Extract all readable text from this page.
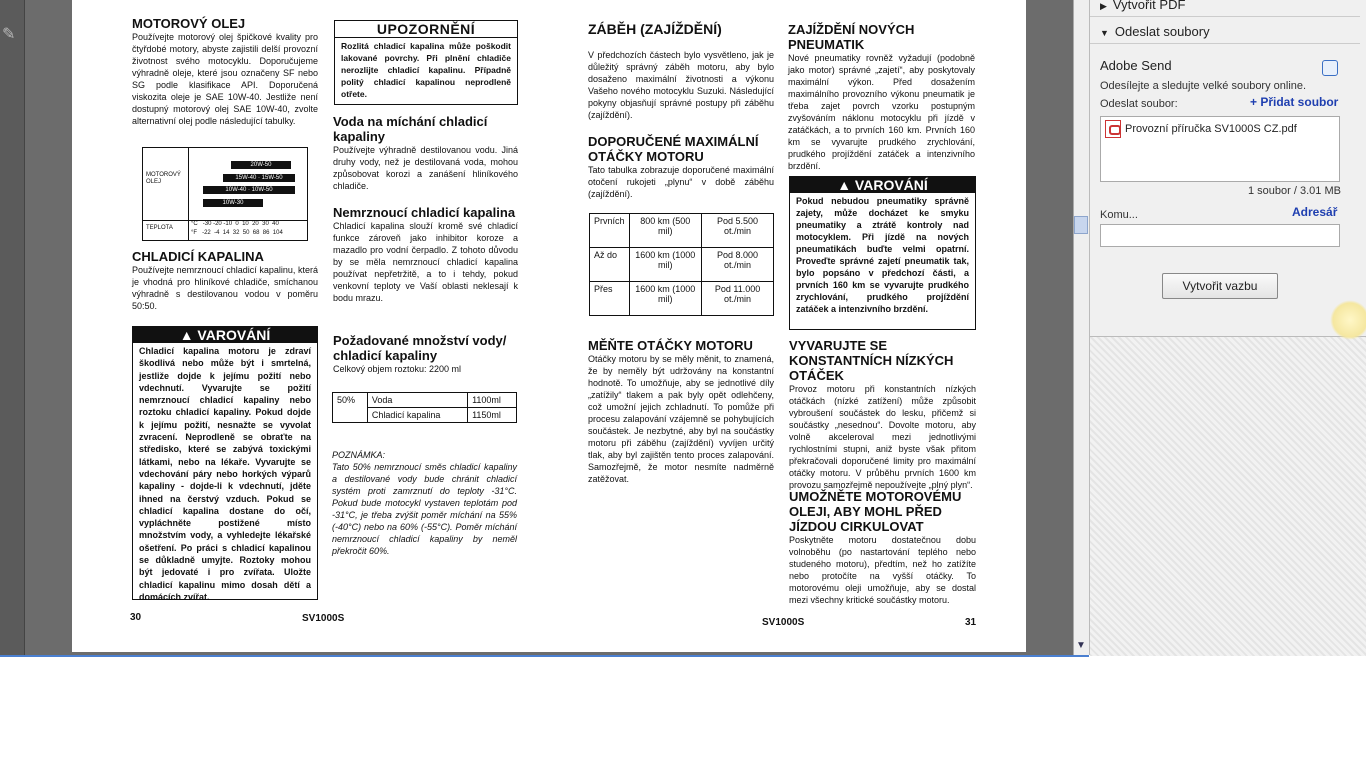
✎

MOTOROVÝ OLEJ

Používejte motorový olej špičkové kvality pro čtyřdobé motory, abyste zajistili delší provozní životnost svého motocyklu. Doporučujeme výhradně oleje, které jsou označeny SF nebo SG podle klasifikace API. Doporučená viskozita oleje je SAE 10W-40. Jestliže není dostupný motorový olej SAE 10W-40, zvolte alternativní olej podle následující tabulky.

MOTOROVÝ OLEJ
20W-50
15W-40 · 15W-50
10W-40 · 10W-50
10W-30
TEPLOTA
°C   -30 -20 -10  0  10  20  30  40
°F   -22  -4  14  32  50  68  86  104

CHLADICÍ KAPALINA

Používejte nemrznoucí chladicí kapalinu, která je vhodná pro hliníkové chladiče, smíchanou výhradně s destilovanou vodou v poměru 50:50.

▲ VAROVÁNÍ
Chladicí kapalina motoru je zdraví škodlivá nebo může být i smrtelná, jestliže dojde k jejímu požití nebo vdechnutí. Vyvarujte se požití nemrznoucí chladicí kapaliny nebo roztoku chladicí kapaliny. Pokud dojde k jejímu požití, nesnažte se vyvolat zvracení. Neprodleně se obraťte na středisko, které se zabývá toxickými látkami, nebo na lékaře. Vyvarujte se vdechování páry nebo horkých výparů kapaliny - dojde-li k vdechnutí, jděte ihned na čerstvý vzduch. Pokud se chladicí kapalina dostane do očí, vypláchněte postižené místo množstvím vody, a vyhledejte lékařské ošetření. Po práci s chladicí kapalinou se důkladně umyjte. Roztoky mohou být jedovaté i pro zvířata. Uložte chladicí kapalinu mimo dosah dětí a domácích zvířat.
30	SV1000S
UPOZORNĚNÍ
Rozlitá chladicí kapalina může poškodit lakované povrchy. Při plnění chladiče nerozlijte chladicí kapalinu. Případně politý chladicí kapalinou neprodleně otřete.

Voda na míchání chladicí kapaliny

Používejte výhradně destilovanou vodu. Jiná druhy vody, než je destilovaná voda, mohou způsobovat korozi a zanášení hliníkového chladiče.

Nemrznoucí chladicí kapalina

Chladicí kapalina slouží kromě své chladicí funkce zároveň jako inhibitor koroze a mazadlo pro vodní čerpadlo. Z tohoto důvodu by se měla nemrznoucí chladicí kapalina používat nepřetržitě, a to i tehdy, pokud venkovní teploty ve Vaší oblasti neklesají k bodu mrazu.

Požadované množství vody/ chladicí kapaliny

Celkový objem roztoku: 2200 ml

50%	Voda	1100ml
	Chladicí kapalina	1150ml

POZNÁMKA:

Tato 50% nemrznoucí směs chladicí kapaliny a destilované vody bude chránit chladicí systém proti zamrznutí do teploty -31°C. Pokud bude motocykl vystaven teplotám pod -31°C, je třeba zvýšit poměr míchání na 55% (-40°C) nebo na 60% (-55°C). Poměr míchání nemrznoucí chladicí kapaliny by neměl překročit 60%.

ZÁBĚH (ZAJÍŽDĚNÍ)

V předchozích částech bylo vysvětleno, jak je důležitý správný záběh motoru, aby bylo dosaženo maximální životnosti a výkonu Vašeho nového motocyklu Suzuki. Následující pokyny objasňují správné postupy při záběhu (zajíždění).

DOPORUČENÉ MAXIMÁLNÍ OTÁČKY MOTORU

Tato tabulka zobrazuje doporučené maximální otočení rukojeti „plynu“ v době záběhu (zajíždění).

Prvních	800 km (500 mil)	Pod 5.500 ot./min
Až do	1600 km (1000 mil)	Pod 8.000 ot./min
Přes	1600 km (1000 mil)	Pod 11.000 ot./min

MĚŇTE OTÁČKY MOTORU

Otáčky motoru by se měly měnit, to znamená, že by neměly být udržovány na konstantní hodnotě. To umožňuje, aby se jednotlivé díly „zatížily“ tlakem a pak byly opět odlehčeny, což umožní jejich zchladnutí. To pomůže při procesu zalapování vzájemně se pohybujících součástek. Je nezbytné, aby byl na součástky motoru při záběhu (zajíždění) vyvíjen určitý tlak, aby byl zajištěn tento proces zalapování. Samozřejmě, že motor nesmíte nadměrně zatěžovat.

SV1000S

ZAJÍŽDĚNÍ NOVÝCH PNEUMATIK

Nové pneumatiky rovněž vyžadují (podobně jako motor) správné „zajetí“, aby poskytovaly maximální výkon. Před dosažením maximálního provozního výkonu pneumatik je třeba zajet povrch vzorku postupným zvyšováním náklonu motocyklu při jízdě v zatáčkách, a to prvních 160 km. Prvních 160 km se vyvarujte prudkého zrychlování, prudkého projíždění zatáček a intenzivního brzdění.

▲ VAROVÁNÍ
Pokud nebudou pneumatiky správně zajety, může docházet ke smyku pneumatiky a ztrátě kontroly nad motocyklem. Při jízdě na nových pneumatikách buďte velmi opatrní. Proveďte správné zajetí pneumatik tak, bylo popsáno v předchozí části, a prvních 160 km se vyvarujte prudkého zrychlování, prudkého projíždění zatáček a intenzivního brzdění.

VYVARUJTE SE KONSTANTNÍCH NÍZKÝCH OTÁČEK

Provoz motoru při konstantních nízkých otáčkách (nízké zatížení) může způsobit vybroušení součástek do lesku, přičemž si součástky „nesednou“. Dovolte motoru, aby volně akceleroval mezi jednotlivými rychlostními stupni, aniž byste však přitom překračovali doporučené limity pro maximální otáčky motoru. V průběhu prvních 1600 km provozu samozřejmě nepoužívejte „plný plyn“.

UMOŽNĚTE MOTOROVÉMU OLEJI, ABY MOHL PŘED JÍZDOU CIRKULOVAT

Poskytněte motoru dostatečnou dobu volnoběhu (po nastartování teplého nebo studeného motoru), předtím, než ho zatížíte nebo protočíte na vyšší otáčky. To motorovému oleji umožňuje, aby se dostal mezi všechny kritické součástky motoru.

31
▼
▶ Vytvořit PDF
▼ Odeslat soubory
Adobe Send
Odesílejte a sledujte velké soubory online.
Odeslat soubor:	+ Přidat soubor
Provozní příručka SV1000S CZ.pdf
1 soubor / 3.01 MB
Komu...	Adresář
Vytvořit vazbu
